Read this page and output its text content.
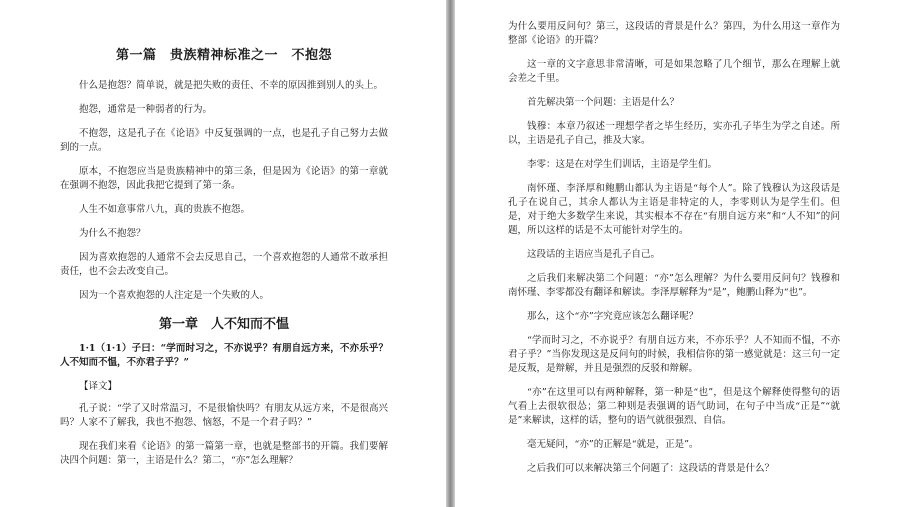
第一篇　贵族精神标准之一　不抱怨

什么是抱怨？简单说，就是把失败的责任、不幸的原因推到别人的头上。

抱怨，通常是一种弱者的行为。

不抱怨，这是孔子在《论语》中反复强调的一点，也是孔子自己努力去做到的一点。

原本，不抱怨应当是贵族精神中的第三条，但是因为《论语》的第一章就在强调不抱怨，因此我把它提到了第一条。

人生不如意事常八九，真的贵族不抱怨。

为什么不抱怨？

因为喜欢抱怨的人通常不会去反思自己，一个喜欢抱怨的人通常不敢承担责任，也不会去改变自己。

因为一个喜欢抱怨的人注定是一个失败的人。

第一章　人不知而不愠

1·1（1·1）子曰：“学而时习之，不亦说乎？有朋自远方来，不亦乐乎？人不知而不愠，不亦君子乎？”

【译文】

孔子说：“学了又时常温习，不是很愉快吗？有朋友从远方来，不是很高兴吗？人家不了解我，我也不抱怨、恼怒，不是一个君子吗？”

现在我们来看《论语》的第一篇第一章，也就是整部书的开篇。我们要解决四个问题：第一，主语是什么？第二，“亦”怎么理解？

为什么要用反问句？第三，这段话的背景是什么？第四，为什么用这一章作为整部《论语》的开篇？

这一章的文字意思非常清晰，可是如果忽略了几个细节，那么在理解上就会差之千里。

首先解决第一个问题：主语是什么？

钱穆：本章乃叙述一理想学者之毕生经历，实亦孔子毕生为学之自述。所以，主语是孔子自己，推及大家。

李零：这是在对学生们训话，主语是学生们。

南怀瑾、李泽厚和鲍鹏山都认为主语是“每个人”。除了钱穆认为这段话是孔子在说自己，其余人都认为主语是非特定的人，李零则认为是学生们。但是，对于绝大多数学生来说，其实根本不存在“有朋自远方来”和“人不知”的问题，所以这样的话是不太可能针对学生的。

这段话的主语应当是孔子自己。

之后我们来解决第二个问题：“亦”怎么理解？为什么要用反问句？钱穆和南怀瑾、李零都没有翻译和解读。李泽厚解释为“是”，鲍鹏山释为“也”。

那么，这个“亦”字究竟应该怎么翻译呢？

“学而时习之，不亦说乎？有朋自远方来，不亦乐乎？人不知而不愠，不亦君子乎？”当你发现这是反问句的时候，我相信你的第一感觉就是：这三句一定是反叛，是辩解，并且是强烈的反驳和辩解。

“亦”在这里可以有两种解释，第一种是“也”，但是这个解释使得整句的语气看上去很软很怂；第二种则是表强调的语气助词，在句子中当成“正是”“就是”来解读，这样的话，整句的语气就很强烈、自信。

毫无疑问，“亦”的正解是“就是，正是”。

之后我们可以来解决第三个问题了：这段话的背景是什么？
